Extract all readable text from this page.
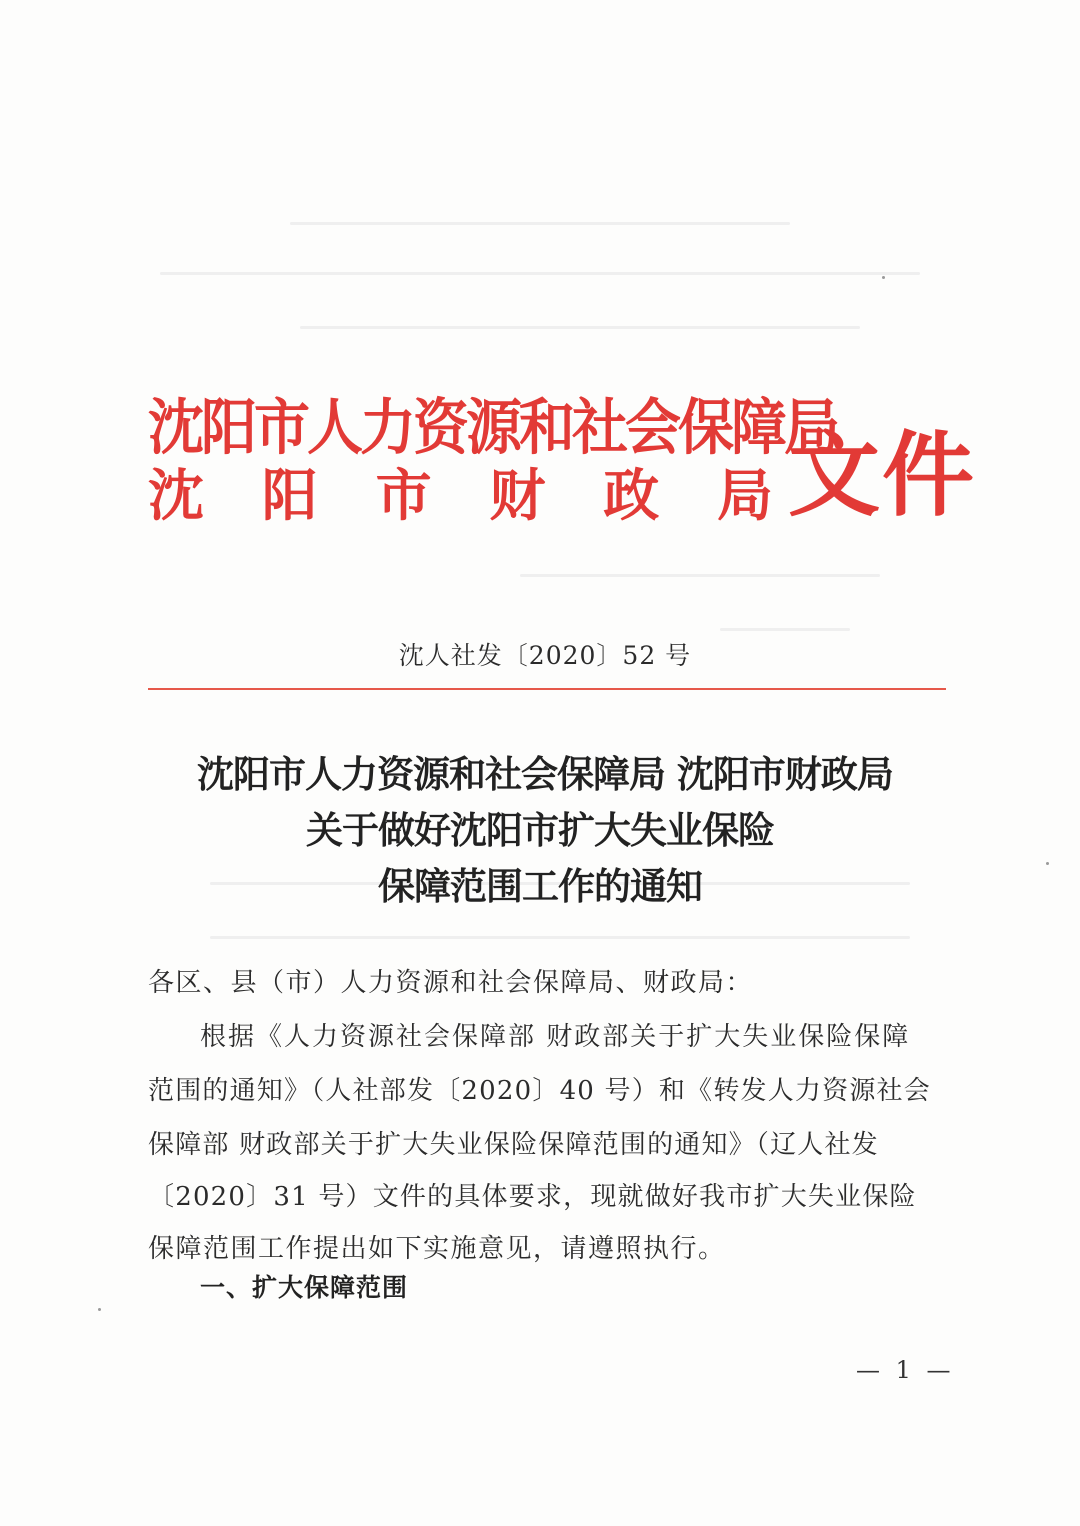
沈阳市人力资源和社会保障局
沈 阳 市 财 政 局 文件
沈人社发〔2020〕52 号
沈阳市人力资源和社会保障局 沈阳市财政局
关于做好沈阳市扩大失业保险
保障范围工作的通知
各区、县（市）人力资源和社会保障局、财政局：
根据《人力资源社会保障部 财政部关于扩大失业保险保障
范围的通知》（人社部发〔2020〕40 号）和《转发人力资源社会
保障部 财政部关于扩大失业保险保障范围的通知》（辽人社发
〔2020〕31 号）文件的具体要求，现就做好我市扩大失业保险
保障范围工作提出如下实施意见，请遵照执行。
一、扩大保障范围
— 1 —
